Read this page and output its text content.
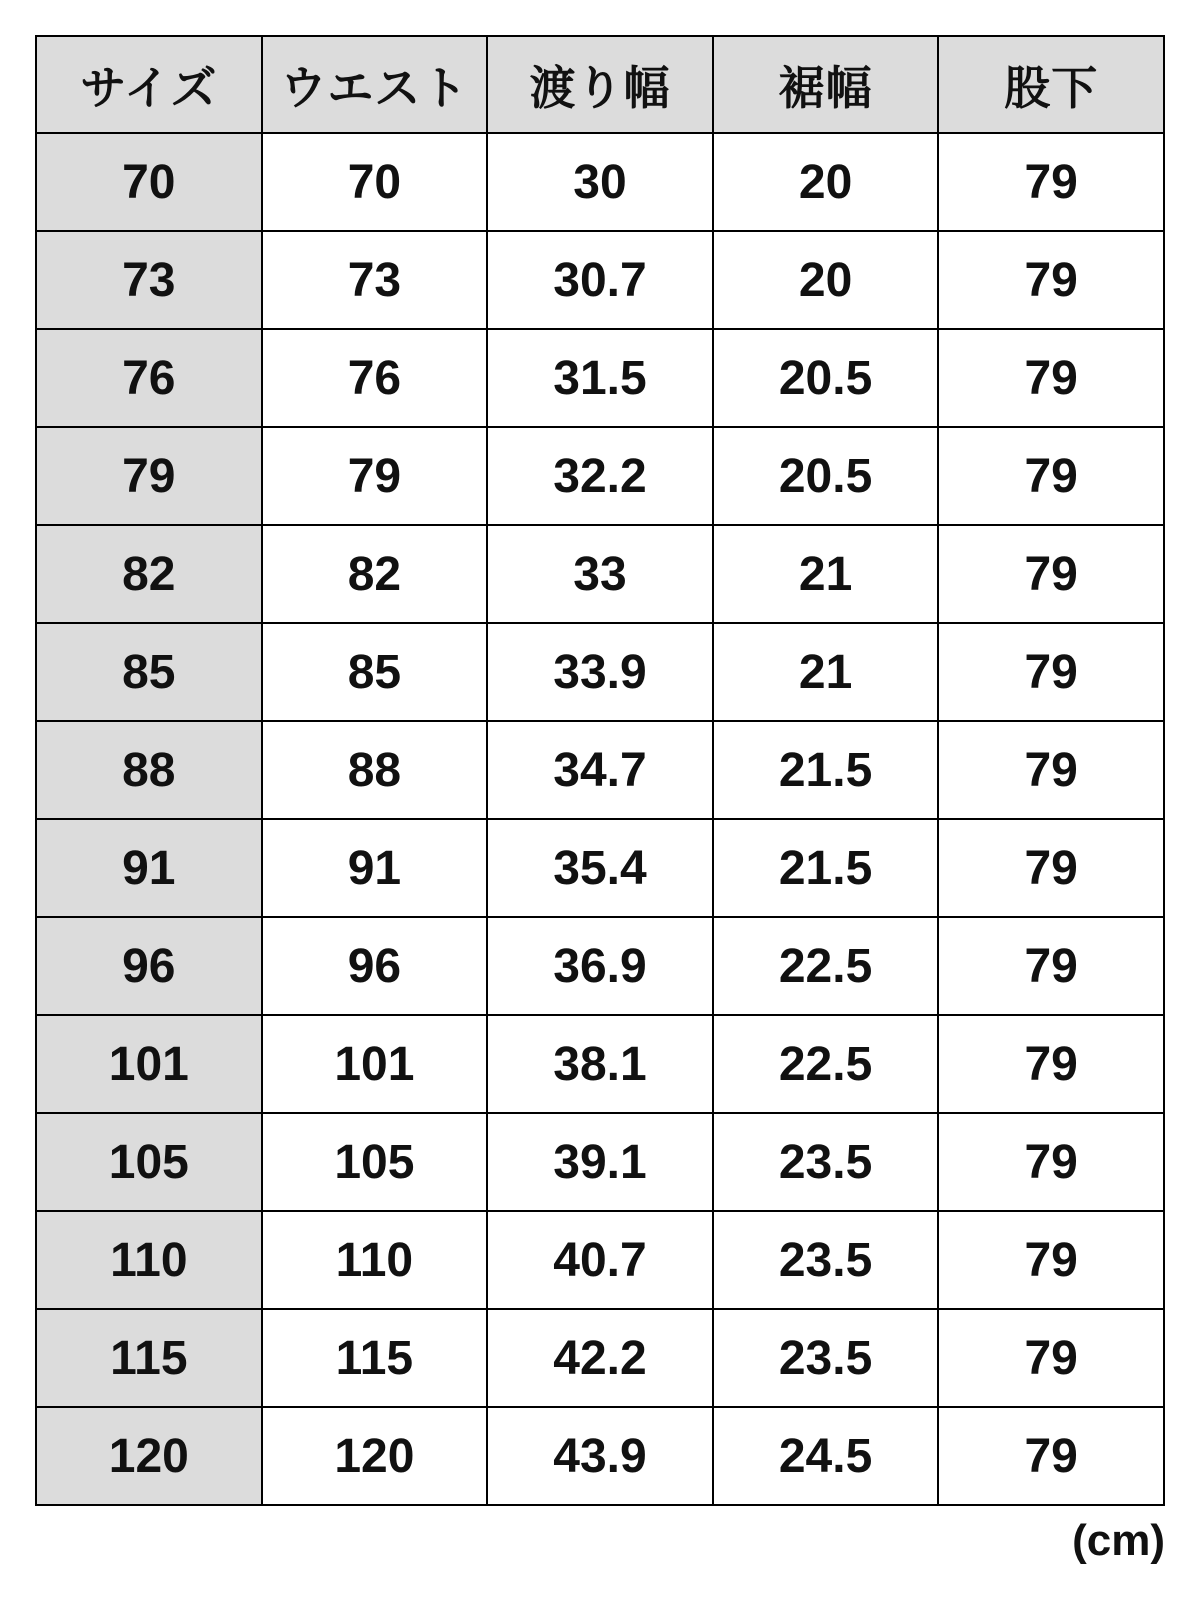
サイズ	ウエスト	渡り幅	裾幅	股下
70	70	30	20	79
73	73	30.7	20	79
76	76	31.5	20.5	79
79	79	32.2	20.5	79
82	82	33	21	79
85	85	33.9	21	79
88	88	34.7	21.5	79
91	91	35.4	21.5	79
96	96	36.9	22.5	79
101	101	38.1	22.5	79
105	105	39.1	23.5	79
110	110	40.7	23.5	79
115	115	42.2	23.5	79
120	120	43.9	24.5	79
(cm)
